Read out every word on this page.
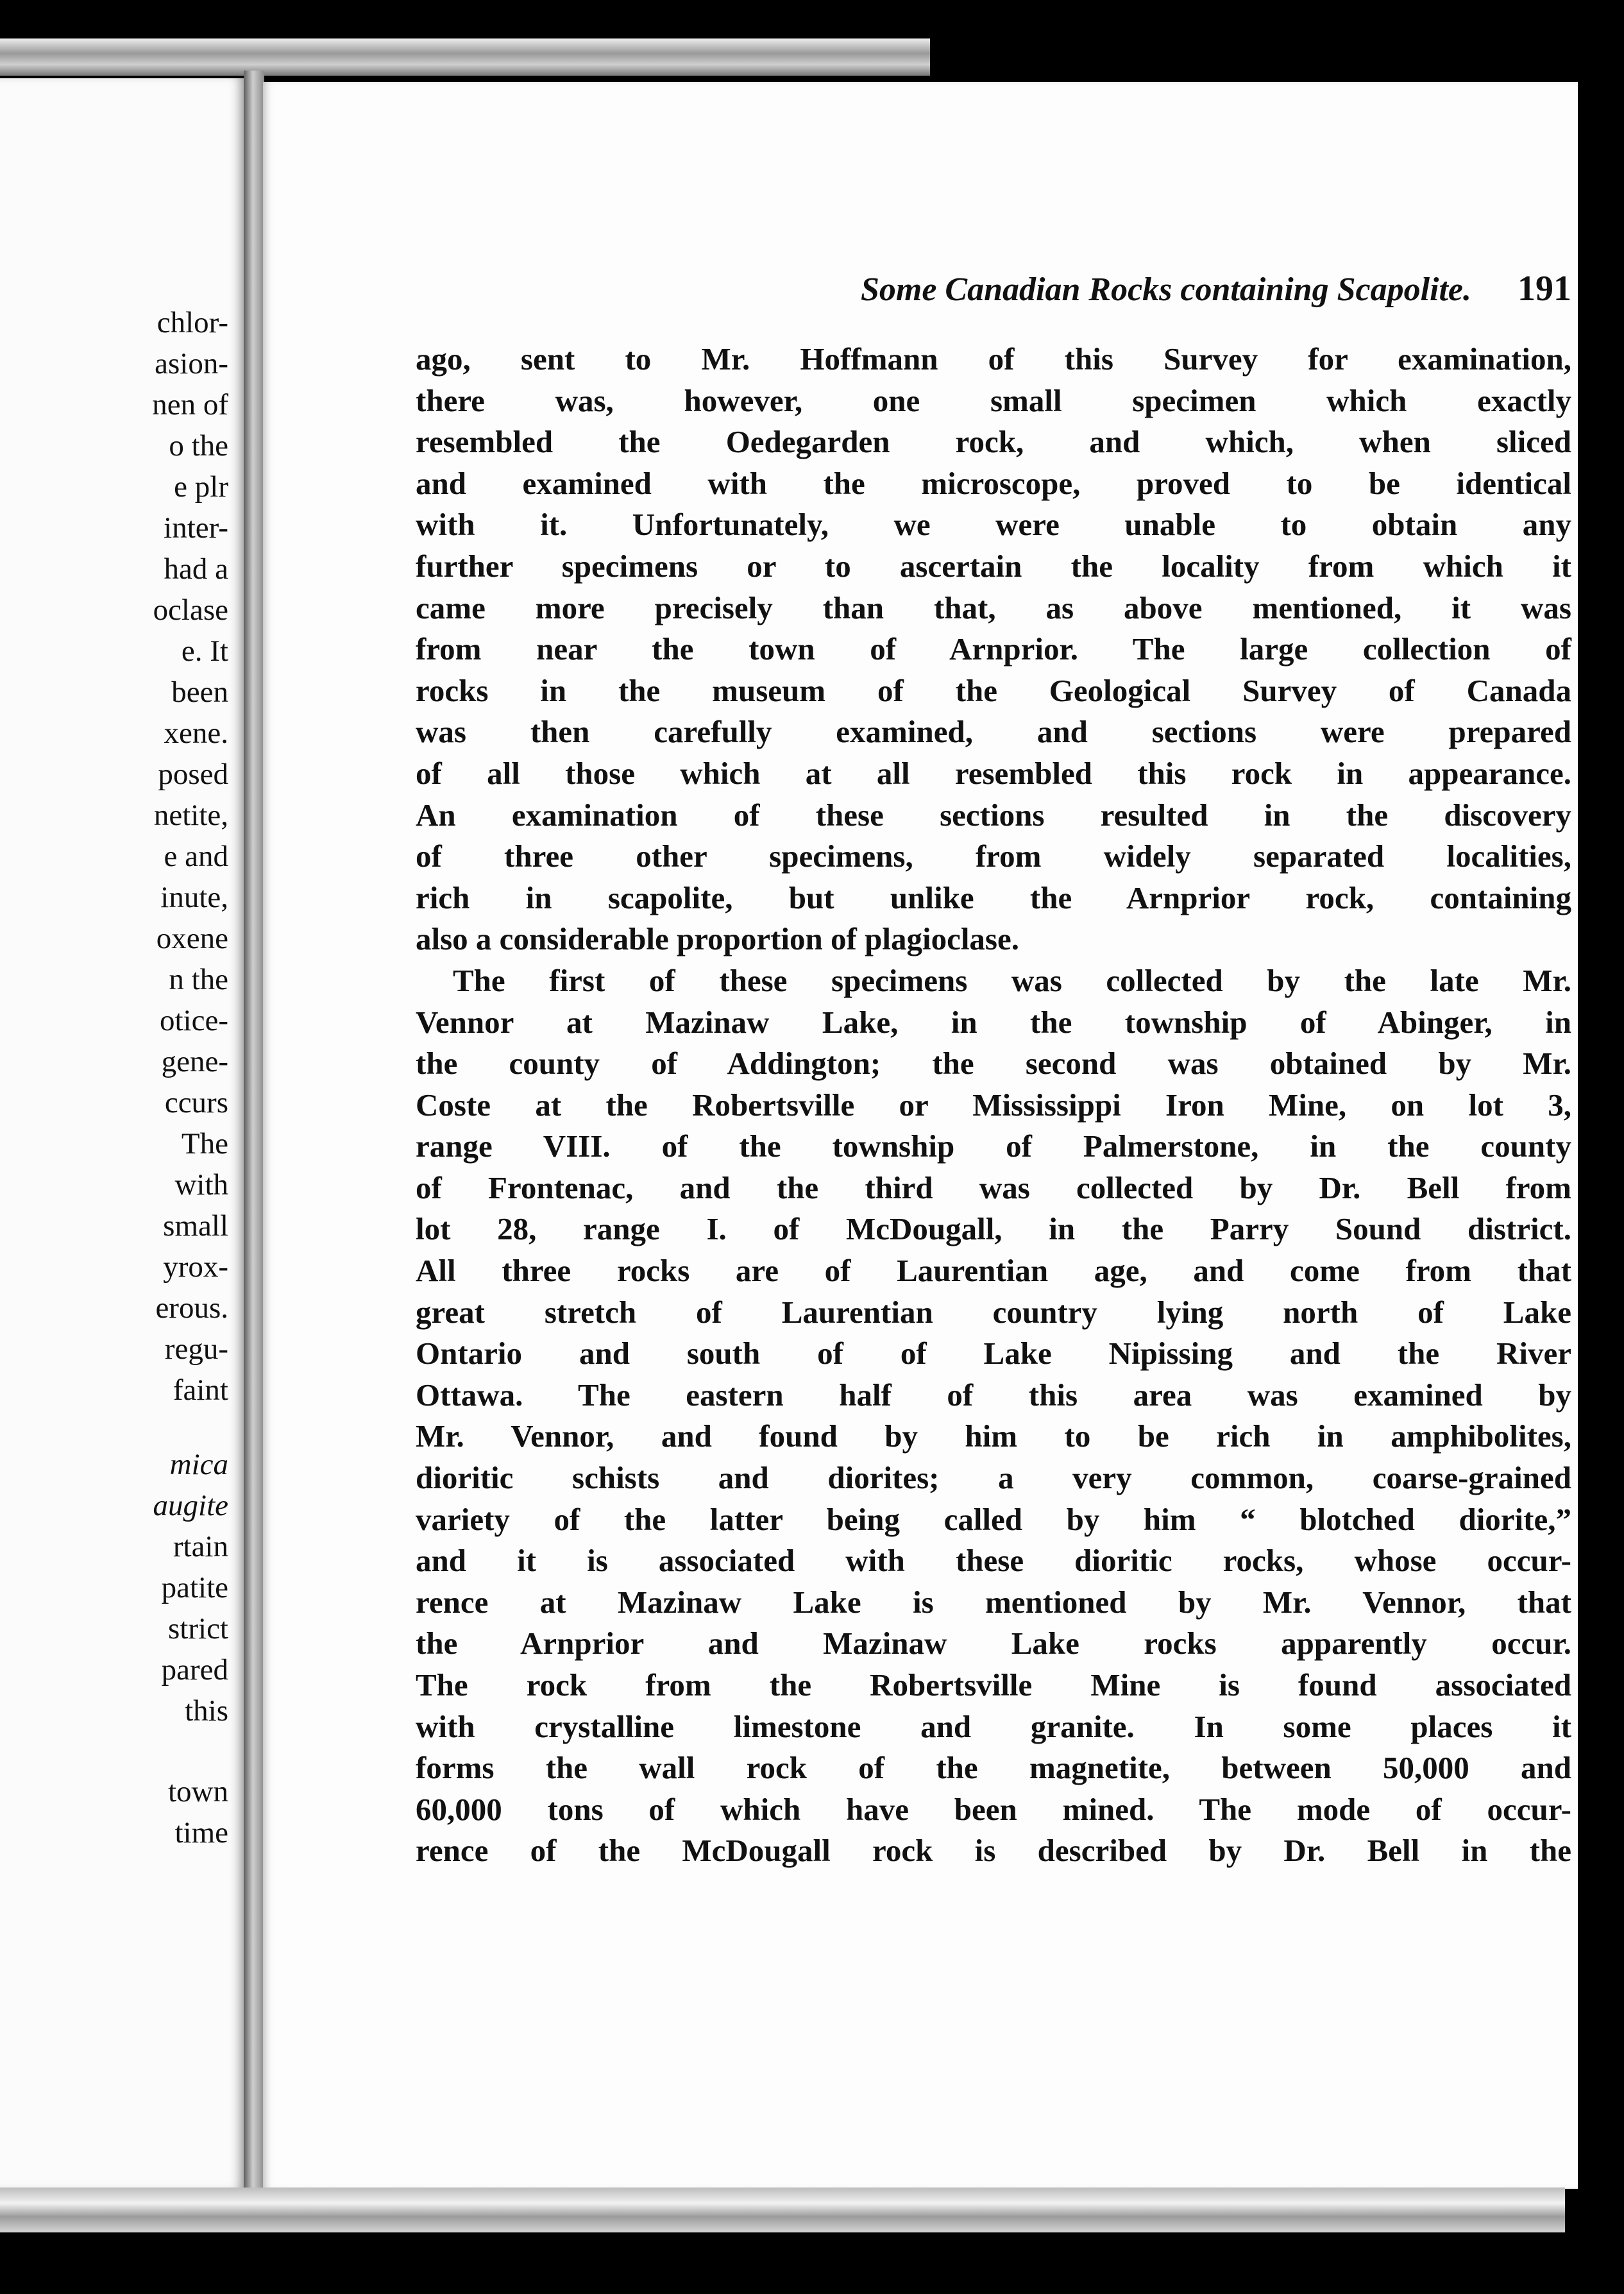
chlor-
asion-
nen of
o the
e plr
inter-
had a
oclase
e. It
been
xene.
posed
netite,
e and
inute,
oxene
n the
otice-
gene-
ccurs
The
with
small
yrox-
erous.
regu-
faint
mica
augite
rtain
patite
strict
pared
this
town
time
Some Canadian Rocks containing Scapolite. 191
ago, sent to Mr. Hoffmann of this Survey for examination,
there was, however, one small specimen which exactly
resembled the Oedegarden rock, and which, when sliced
and examined with the microscope, proved to be identical
with it. Unfortunately, we were unable to obtain any
further specimens or to ascertain the locality from which it
came more precisely than that, as above mentioned, it was
from near the town of Arnprior. The large collection of
rocks in the museum of the Geological Survey of Canada
was then carefully examined, and sections were prepared
of all those which at all resembled this rock in appearance.
An examination of these sections resulted in the discovery
of three other specimens, from widely separated localities,
rich in scapolite, but unlike the Arnprior rock, containing
also a considerable proportion of plagioclase.
The first of these specimens was collected by the late Mr.
Vennor at Mazinaw Lake, in the township of Abinger, in
the county of Addington; the second was obtained by Mr.
Coste at the Robertsville or Mississippi Iron Mine, on lot 3,
range VIII. of the township of Palmerstone, in the county
of Frontenac, and the third was collected by Dr. Bell from
lot 28, range I. of McDougall, in the Parry Sound district.
All three rocks are of Laurentian age, and come from that
great stretch of Laurentian country lying north of Lake
Ontario and south of of Lake Nipissing and the River
Ottawa. The eastern half of this area was examined by
Mr. Vennor, and found by him to be rich in amphibolites,
dioritic schists and diorites; a very common, coarse-grained
variety of the latter being called by him “ blotched diorite,”
and it is associated with these dioritic rocks, whose occur-
rence at Mazinaw Lake is mentioned by Mr. Vennor, that
the Arnprior and Mazinaw Lake rocks apparently occur.
The rock from the Robertsville Mine is found associated
with crystalline limestone and granite. In some places it
forms the wall rock of the magnetite, between 50,000 and
60,000 tons of which have been mined. The mode of occur-
rence of the McDougall rock is described by Dr. Bell in the
